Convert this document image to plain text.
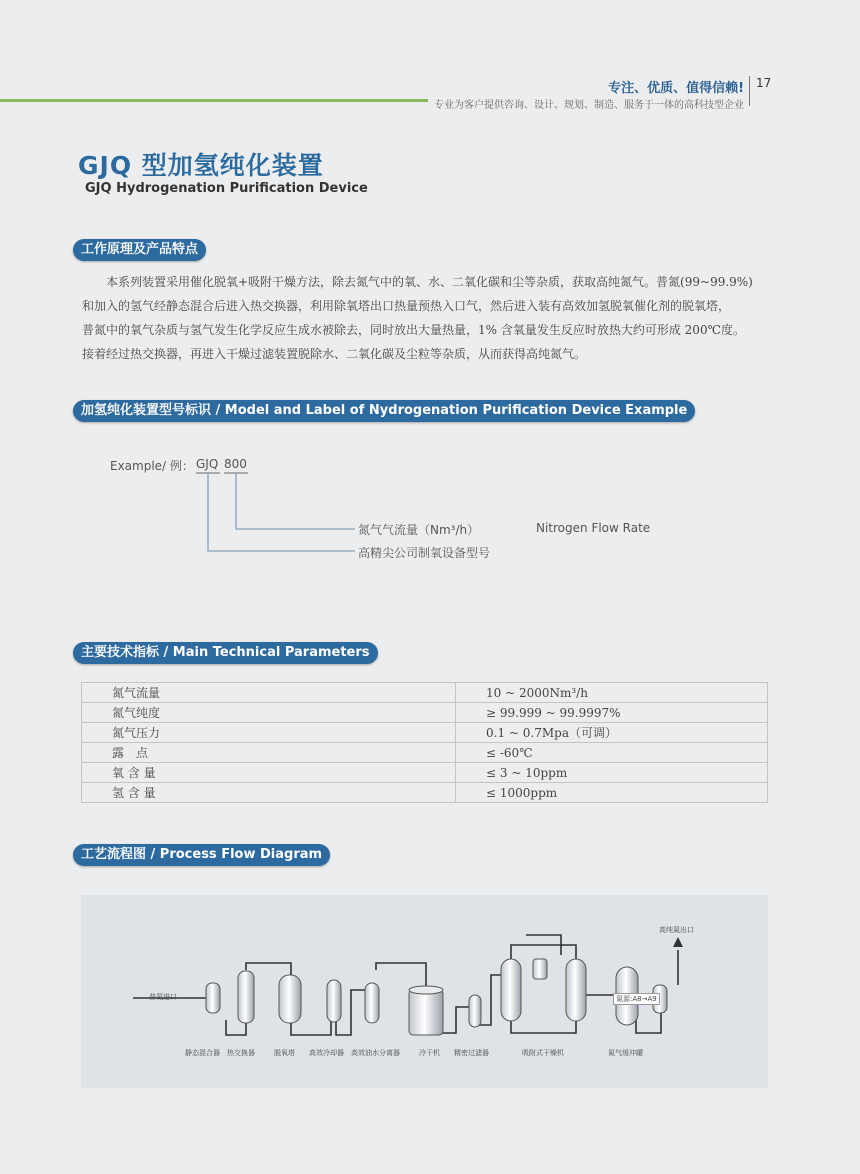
专注、优质、值得信赖!
专业为客户提供咨询、设计、规划、制造、服务于一体的高科技型企业
17
GJQ 型加氢纯化装置
GJQ Hydrogenation Purification Device
工作原理及产品特点

本系列装置采用催化脱氧+吸附干燥方法，除去氮气中的氧、水、二氧化碳和尘等杂质，获取高纯氮气。普氮(99~99.9%)

和加入的氢气经静态混合后进入热交换器，利用除氧塔出口热量预热入口气，然后进入装有高效加氢脱氧催化剂的脱氧塔，

普氮中的氧气杂质与氢气发生化学反应生成水被除去，同时放出大量热量，1% 含氧量发生反应时放热大约可形成 200℃度。

接着经过热交换器，再进入干燥过滤装置脱除水、二氧化碳及尘粒等杂质，从而获得高纯氮气。

加氢纯化装置型号标识 / Model and Label of Nydrogenation Purification Device Example
Example/ 例： GJQ 800
氮气气流量（Nm³/h）	Nitrogen Flow Rate
高精尖公司制氧设备型号
主要技术指标 / Main Technical Parameters
氮气流量	10 ~ 2000Nm³/h
氮气纯度	≥ 99.999 ~ 99.9997%
氮气压力	0.1 ~ 0.7Mpa（可调）
露　点	≤ -60℃
氧 含 量	≤ 3 ~ 10ppm
氢 含 量	≤ 1000ppm
工艺流程图 / Process Flow Diagram
普氮进口
高纯氮出口
氮源:A8→A9
静态混合器 热交换器	脱氧塔 高效冷却器 高效油水分离器	冷干机 精密过滤器	吸附式干燥机	氮气缓冲罐
